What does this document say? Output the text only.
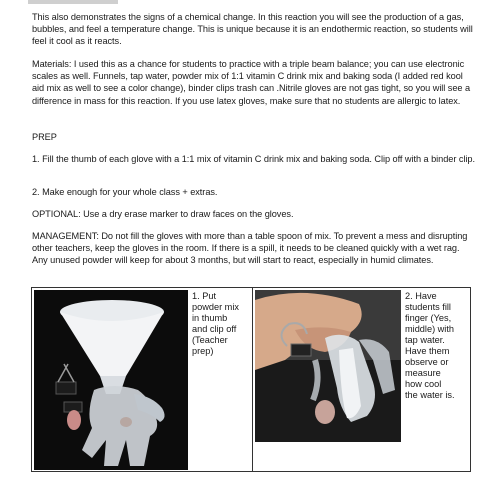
This also demonstrates the signs of a chemical change. In this reaction you will see the production of a gas, bubbles, and feel a temperature change. This is unique because it is an endothermic reaction, so students will feel it cool as it reacts.

Materials: I used this as a chance for students to practice with a triple beam balance; you can use electronic scales as well. Funnels, tap water, powder mix of 1:1 vitamin C drink mix and baking soda (I added red kool aid mix as well to see a color change), binder clips trash can .Nitrile gloves are not gas tight, so you will see a difference in mass for this reaction. If you use latex gloves, make sure that no students are allergic to latex.

PREP

1. Fill the thumb of each glove with a 1:1 mix of vitamin C drink mix and baking soda. Clip off with a binder clip.

2. Make enough for your whole class + extras.

OPTIONAL: Use a dry erase marker to draw faces on the gloves.

MANAGEMENT: Do not fill the gloves with more than a table spoon of mix. To prevent a mess and disrupting other teachers, keep the gloves in the room. If there is a spill, it needs to be cleaned quickly with a wet rag. Any unused powder will keep for about 3 months, but will start to react, especially in humid climates.

1. Put
powder mix
in thumb
and clip off
(Teacher
prep)

2. Have
students fill
finger (Yes,
middle) with
tap water.
Have them
observe or
measure
how cool
the water is.
